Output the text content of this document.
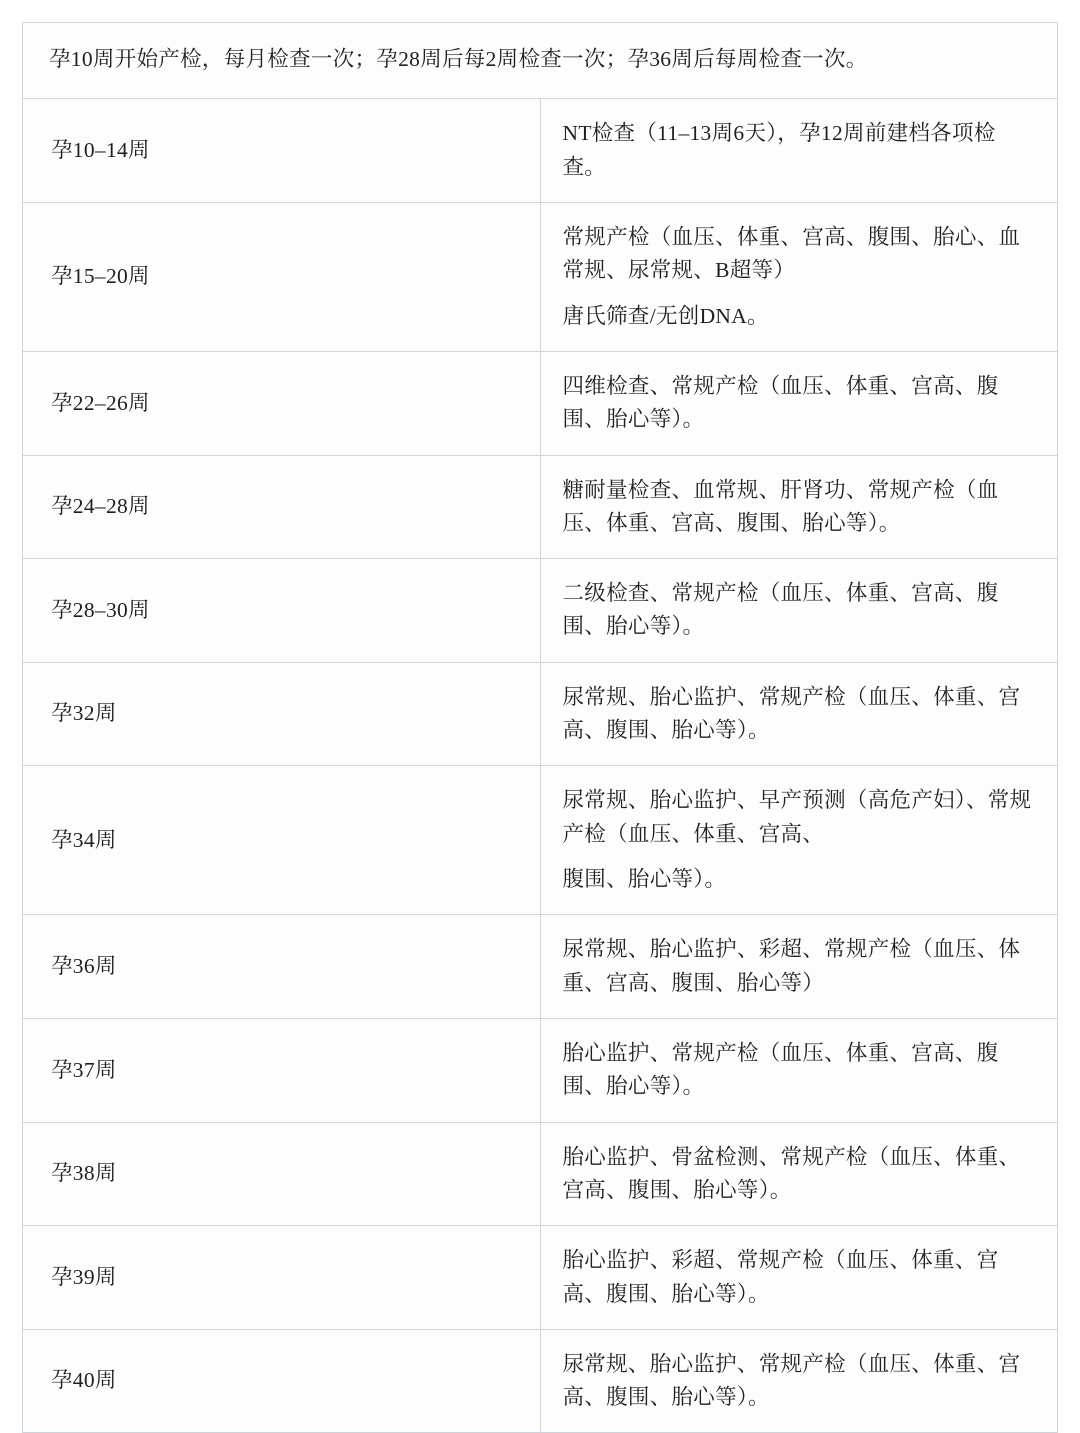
孕10周开始产检，每月检查一次；孕28周后每2周检查一次；孕36周后每周检查一次。	
孕10–14周	NT检查（11–13周6天），孕12周前建档各项检查。

孕15–20周	常规产检（血压、体重、宫高、腹围、胎心、血常规、尿常规、B超等）
唐氏筛查/无创DNA。

孕22–26周	四维检查、常规产检（血压、体重、宫高、腹围、胎心等）。

孕24–28周	糖耐量检查、血常规、肝肾功、常规产检（血压、体重、宫高、腹围、胎心等）。

孕28–30周	二级检查、常规产检（血压、体重、宫高、腹围、胎心等）。

孕32周	尿常规、胎心监护、常规产检（血压、体重、宫高、腹围、胎心等）。

孕34周	尿常规、胎心监护、早产预测（高危产妇）、常规产检（血压、体重、宫高、
腹围、胎心等）。

孕36周	尿常规、胎心监护、彩超、常规产检（血压、体重、宫高、腹围、胎心等）

孕37周	胎心监护、常规产检（血压、体重、宫高、腹围、胎心等）。

孕38周	胎心监护、骨盆检测、常规产检（血压、体重、宫高、腹围、胎心等）。

孕39周	胎心监护、彩超、常规产检（血压、体重、宫高、腹围、胎心等）。

孕40周	尿常规、胎心监护、常规产检（血压、体重、宫高、腹围、胎心等）。
